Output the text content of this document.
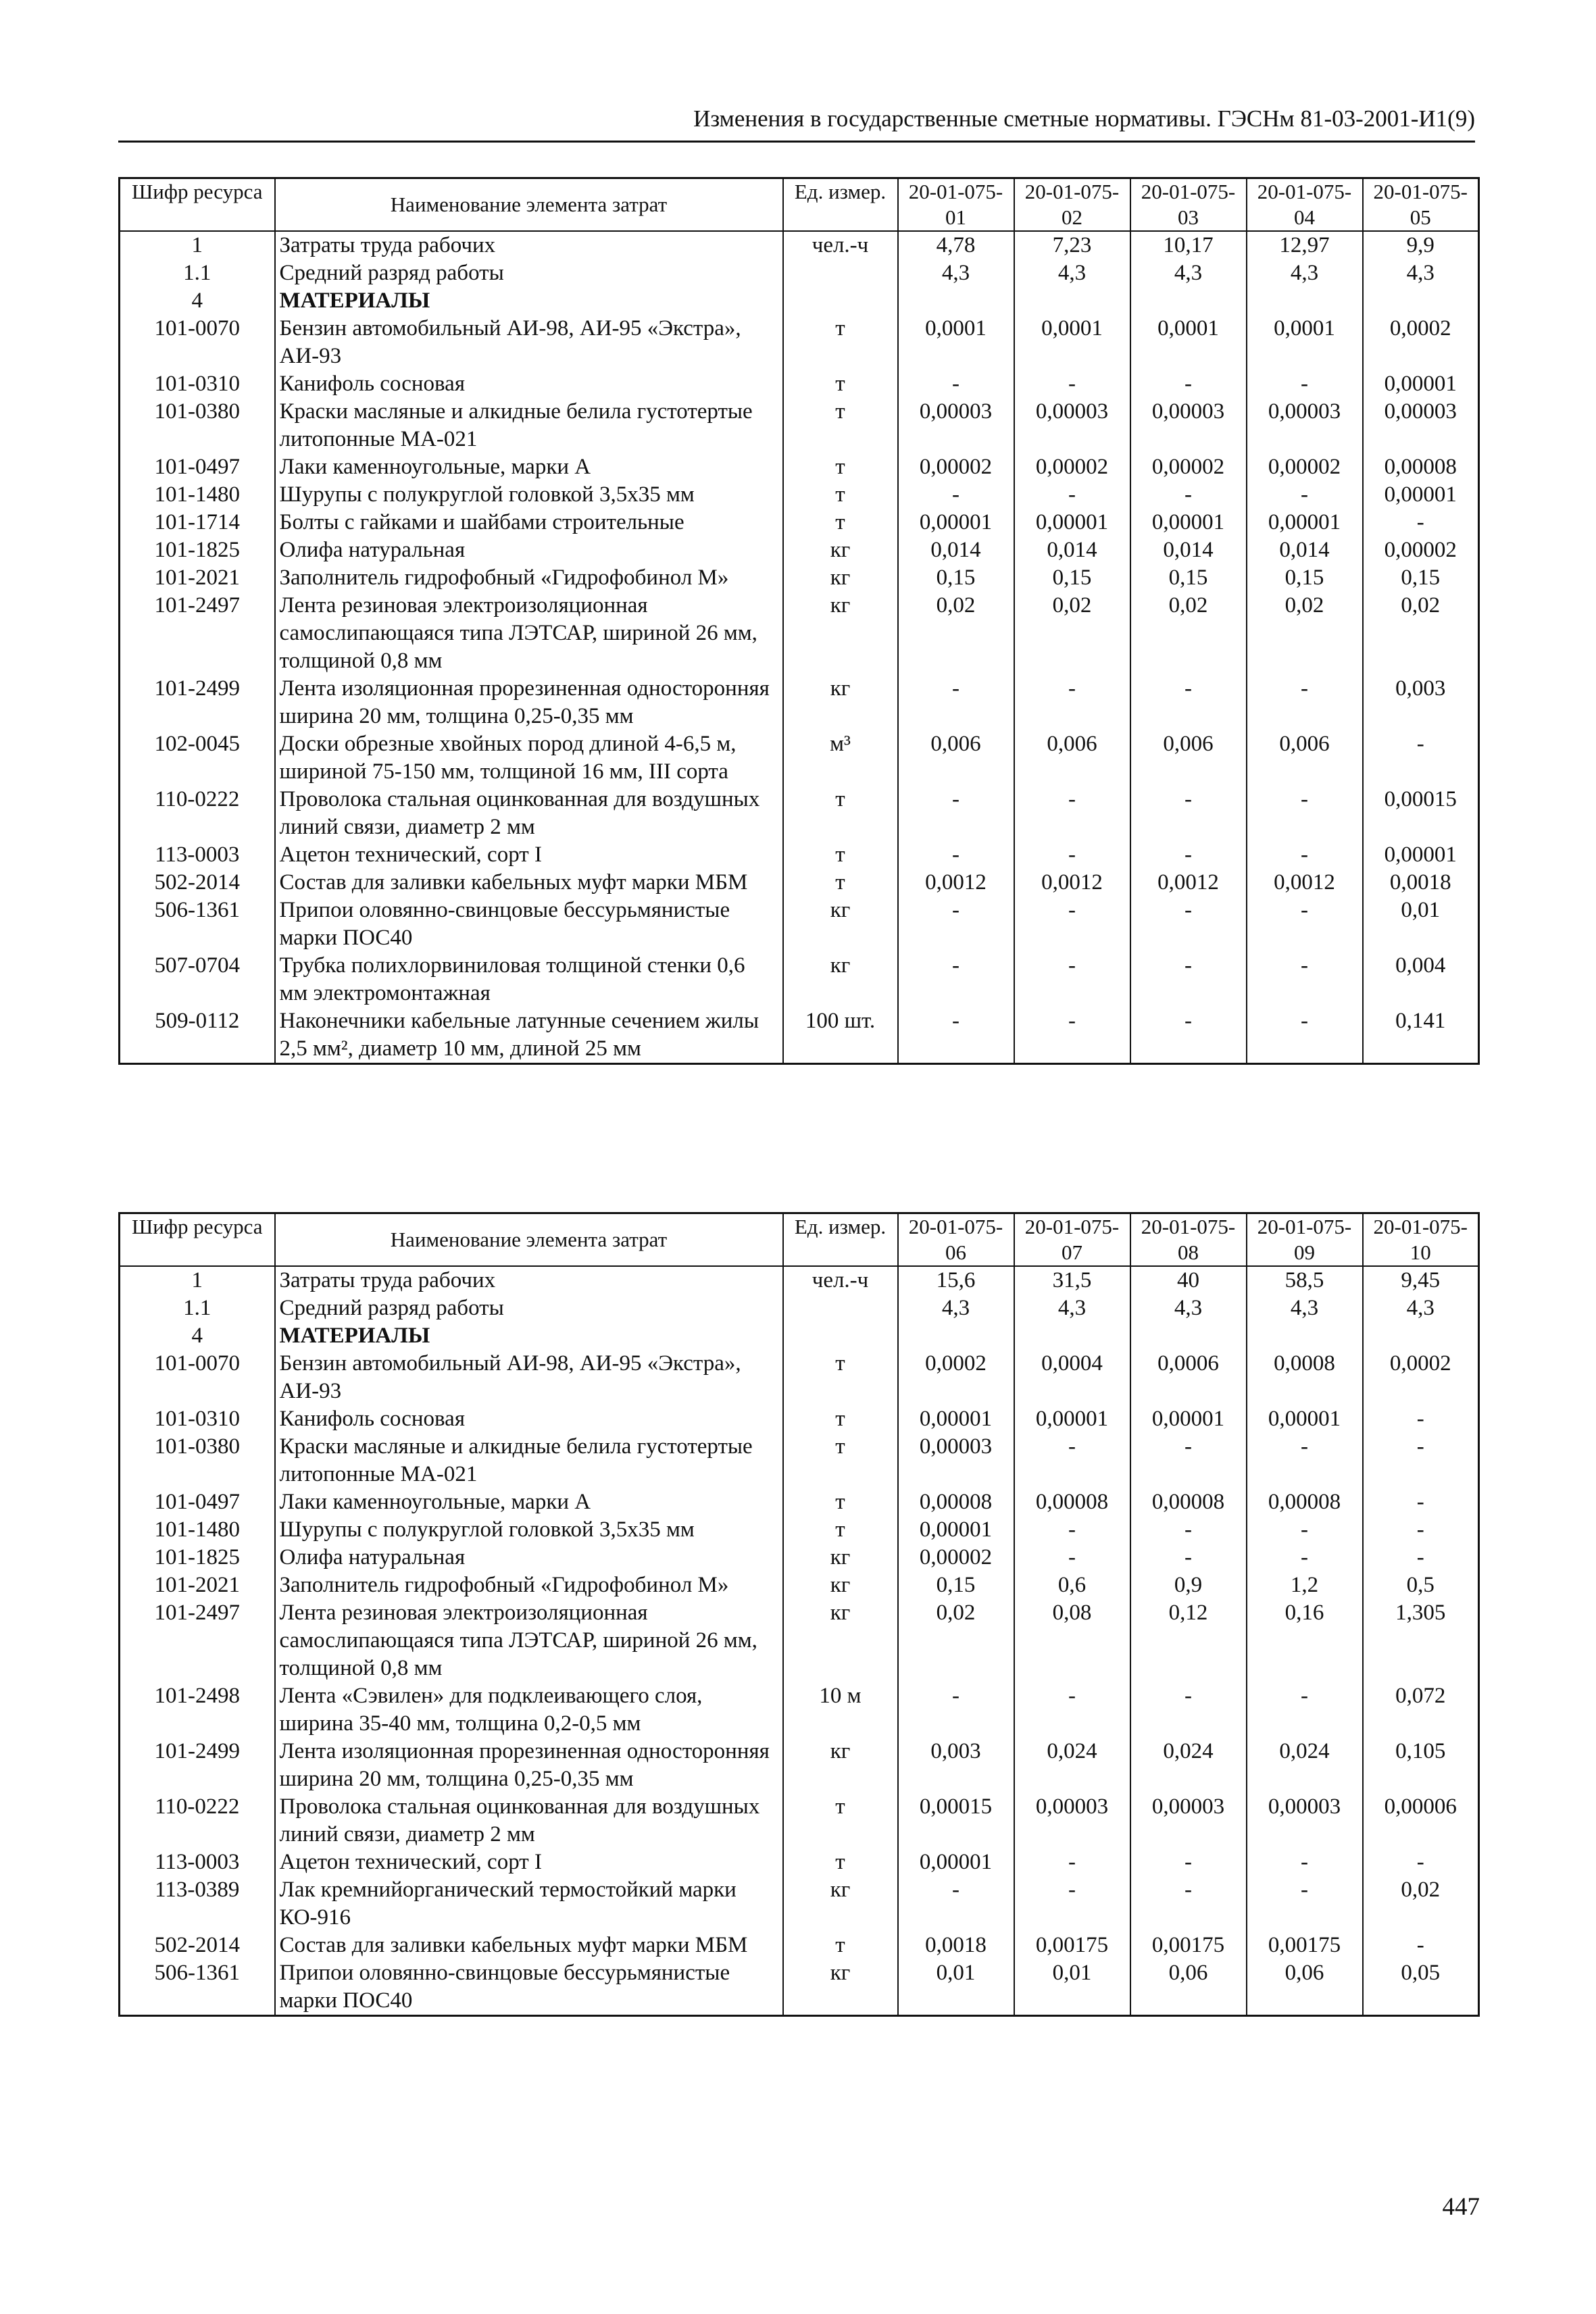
Изменения в государственные сметные нормативы. ГЭСНм 81-03-2001-И1(9)
Шифр ресурса	Наименование элемента затрат	Ед. измер.	20-01-075-01	20-01-075-02	20-01-075-03	20-01-075-04	20-01-075-05
1	Затраты труда рабочих	чел.-ч	4,78	7,23	10,17	12,97	9,9
1.1	Средний разряд работы		4,3	4,3	4,3	4,3	4,3
4	МАТЕРИАЛЫ						
101-0070	Бензин автомобильный АИ-98, АИ-95 «Экстра», АИ-93	т	0,0001	0,0001	0,0001	0,0001	0,0002
101-0310	Канифоль сосновая	т	-	-	-	-	0,00001
101-0380	Краски масляные и алкидные белила густотертые литопонные МА-021	т	0,00003	0,00003	0,00003	0,00003	0,00003
101-0497	Лаки каменноугольные, марки А	т	0,00002	0,00002	0,00002	0,00002	0,00008
101-1480	Шурупы с полукруглой головкой 3,5х35 мм	т	-	-	-	-	0,00001
101-1714	Болты с гайками и шайбами строительные	т	0,00001	0,00001	0,00001	0,00001	-
101-1825	Олифа натуральная	кг	0,014	0,014	0,014	0,014	0,00002
101-2021	Заполнитель гидрофобный «Гидрофобинол М»	кг	0,15	0,15	0,15	0,15	0,15
101-2497	Лента резиновая электроизоляционная самослипающаяся типа ЛЭТСАР, шириной 26 мм, толщиной 0,8 мм	кг	0,02	0,02	0,02	0,02	0,02
101-2499	Лента изоляционная прорезиненная односторонняя ширина 20 мм, толщина 0,25-0,35 мм	кг	-	-	-	-	0,003
102-0045	Доски обрезные хвойных пород длиной 4-6,5 м, шириной 75-150 мм, толщиной 16 мм, III сорта	м³	0,006	0,006	0,006	0,006	-
110-0222	Проволока стальная оцинкованная для воздушных линий связи, диаметр 2 мм	т	-	-	-	-	0,00015
113-0003	Ацетон технический, сорт I	т	-	-	-	-	0,00001
502-2014	Состав для заливки кабельных муфт марки МБМ	т	0,0012	0,0012	0,0012	0,0012	0,0018
506-1361	Припои оловянно-свинцовые бессурьмянистые марки ПОС40	кг	-	-	-	-	0,01
507-0704	Трубка полихлорвиниловая толщиной стенки 0,6 мм электромонтажная	кг	-	-	-	-	0,004
509-0112	Наконечники кабельные латунные сечением жилы 2,5 мм², диаметр 10 мм, длиной 25 мм	100 шт.	-	-	-	-	0,141
Шифр ресурса	Наименование элемента затрат	Ед. измер.	20-01-075-06	20-01-075-07	20-01-075-08	20-01-075-09	20-01-075-10
1	Затраты труда рабочих	чел.-ч	15,6	31,5	40	58,5	9,45
1.1	Средний разряд работы		4,3	4,3	4,3	4,3	4,3
4	МАТЕРИАЛЫ						
101-0070	Бензин автомобильный АИ-98, АИ-95 «Экстра», АИ-93	т	0,0002	0,0004	0,0006	0,0008	0,0002
101-0310	Канифоль сосновая	т	0,00001	0,00001	0,00001	0,00001	-
101-0380	Краски масляные и алкидные белила густотертые литопонные МА-021	т	0,00003	-	-	-	-
101-0497	Лаки каменноугольные, марки А	т	0,00008	0,00008	0,00008	0,00008	-
101-1480	Шурупы с полукруглой головкой 3,5х35 мм	т	0,00001	-	-	-	-
101-1825	Олифа натуральная	кг	0,00002	-	-	-	-
101-2021	Заполнитель гидрофобный «Гидрофобинол М»	кг	0,15	0,6	0,9	1,2	0,5
101-2497	Лента резиновая электроизоляционная самослипающаяся типа ЛЭТСАР, шириной 26 мм, толщиной 0,8 мм	кг	0,02	0,08	0,12	0,16	1,305
101-2498	Лента «Сэвилен» для подклеивающего слоя, ширина 35-40 мм, толщина 0,2-0,5 мм	10 м	-	-	-	-	0,072
101-2499	Лента изоляционная прорезиненная односторонняя ширина 20 мм, толщина 0,25-0,35 мм	кг	0,003	0,024	0,024	0,024	0,105
110-0222	Проволока стальная оцинкованная для воздушных линий связи, диаметр 2 мм	т	0,00015	0,00003	0,00003	0,00003	0,00006
113-0003	Ацетон технический, сорт I	т	0,00001	-	-	-	-
113-0389	Лак кремнийорганический термостойкий марки КО-916	кг	-	-	-	-	0,02
502-2014	Состав для заливки кабельных муфт марки МБМ	т	0,0018	0,00175	0,00175	0,00175	-
506-1361	Припои оловянно-свинцовые бессурьмянистые марки ПОС40	кг	0,01	0,01	0,06	0,06	0,05
447
